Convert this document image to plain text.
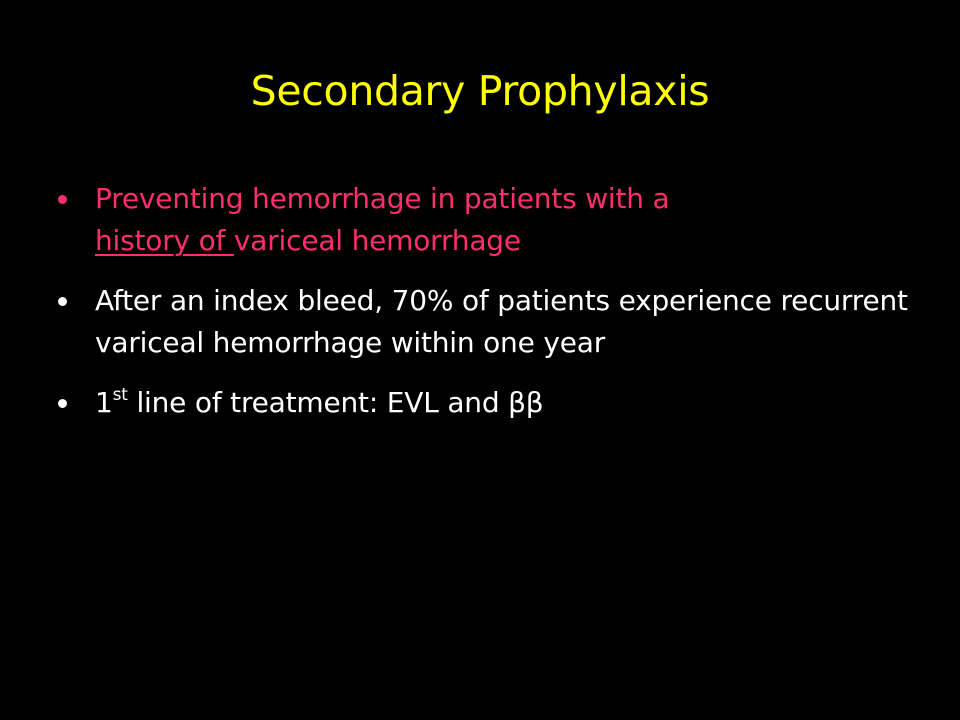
Secondary Prophylaxis
Preventing hemorrhage in patients with a
history of variceal hemorrhage
After an index bleed, 70% of patients experience recurrent variceal hemorrhage within one year
1st line of treatment: EVL and ββ
